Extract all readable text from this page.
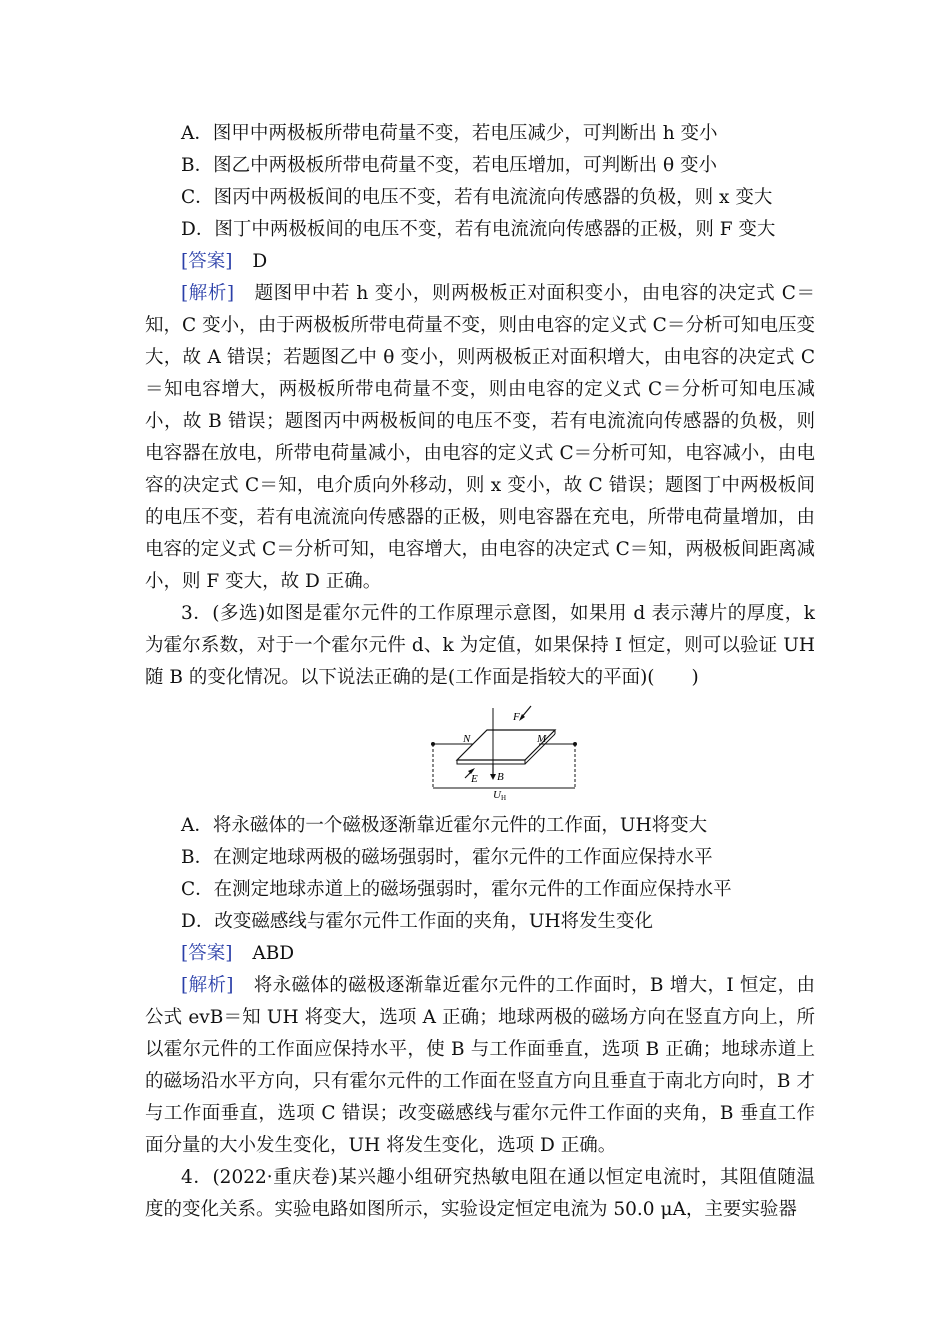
A．图甲中两极板所带电荷量不变，若电压减少，可判断出 h 变小

B．图乙中两极板所带电荷量不变，若电压增加，可判断出 θ 变小

C．图丙中两极板间的电压不变，若有电流流向传感器的负极，则 x 变大

D．图丁中两极板间的电压不变，若有电流流向传感器的正极，则 F 变大

[答案] D

[解析] 题图甲中若 h 变小，则两极板正对面积变小，由电容的决定式 C＝知，C 变小，由于两极板所带电荷量不变，则由电容的定义式 C＝分析可知电压变大，故 A 错误；若题图乙中 θ 变小，则两极板正对面积增大，由电容的决定式 C＝知电容增大，两极板所带电荷量不变，则由电容的定义式 C＝分析可知电压减小，故 B 错误；题图丙中两极板间的电压不变，若有电流流向传感器的负极，则电容器在放电，所带电荷量减小，由电容的定义式 C＝分析可知，电容减小，由电容的决定式 C＝知，电介质向外移动，则 x 变小，故 C 错误；题图丁中两极板间的电压不变，若有电流流向传感器的正极，则电容器在充电，所带电荷量增加，由电容的定义式 C＝分析可知，电容增大，由电容的决定式 C＝知，两极板间距离减小，则 F 变大，故 D 正确。

3．(多选)如图是霍尔元件的工作原理示意图，如果用 d 表示薄片的厚度，k 为霍尔系数，对于一个霍尔元件 d、k 为定值，如果保持 I 恒定，则可以验证 UH 随 B 的变化情况。以下说法正确的是(工作面是指较大的平面)(　　)

F
N	M
E B
U H

A．将永磁体的一个磁极逐渐靠近霍尔元件的工作面，UH将变大

B．在测定地球两极的磁场强弱时，霍尔元件的工作面应保持水平

C．在测定地球赤道上的磁场强弱时，霍尔元件的工作面应保持水平

D．改变磁感线与霍尔元件工作面的夹角，UH将发生变化

[答案] ABD

[解析] 将永磁体的磁极逐渐靠近霍尔元件的工作面时，B 增大，I 恒定，由公式 evB＝知 UH 将变大，选项 A 正确；地球两极的磁场方向在竖直方向上，所以霍尔元件的工作面应保持水平，使 B 与工作面垂直，选项 B 正确；地球赤道上的磁场沿水平方向，只有霍尔元件的工作面在竖直方向且垂直于南北方向时，B 才与工作面垂直，选项 C 错误；改变磁感线与霍尔元件工作面的夹角，B 垂直工作面分量的大小发生变化，UH 将发生变化，选项 D 正确。

4．(2022·重庆卷)某兴趣小组研究热敏电阻在通以恒定电流时，其阻值随温度的变化关系。实验电路如图所示，实验设定恒定电流为 50.0 μA，主要实验器
